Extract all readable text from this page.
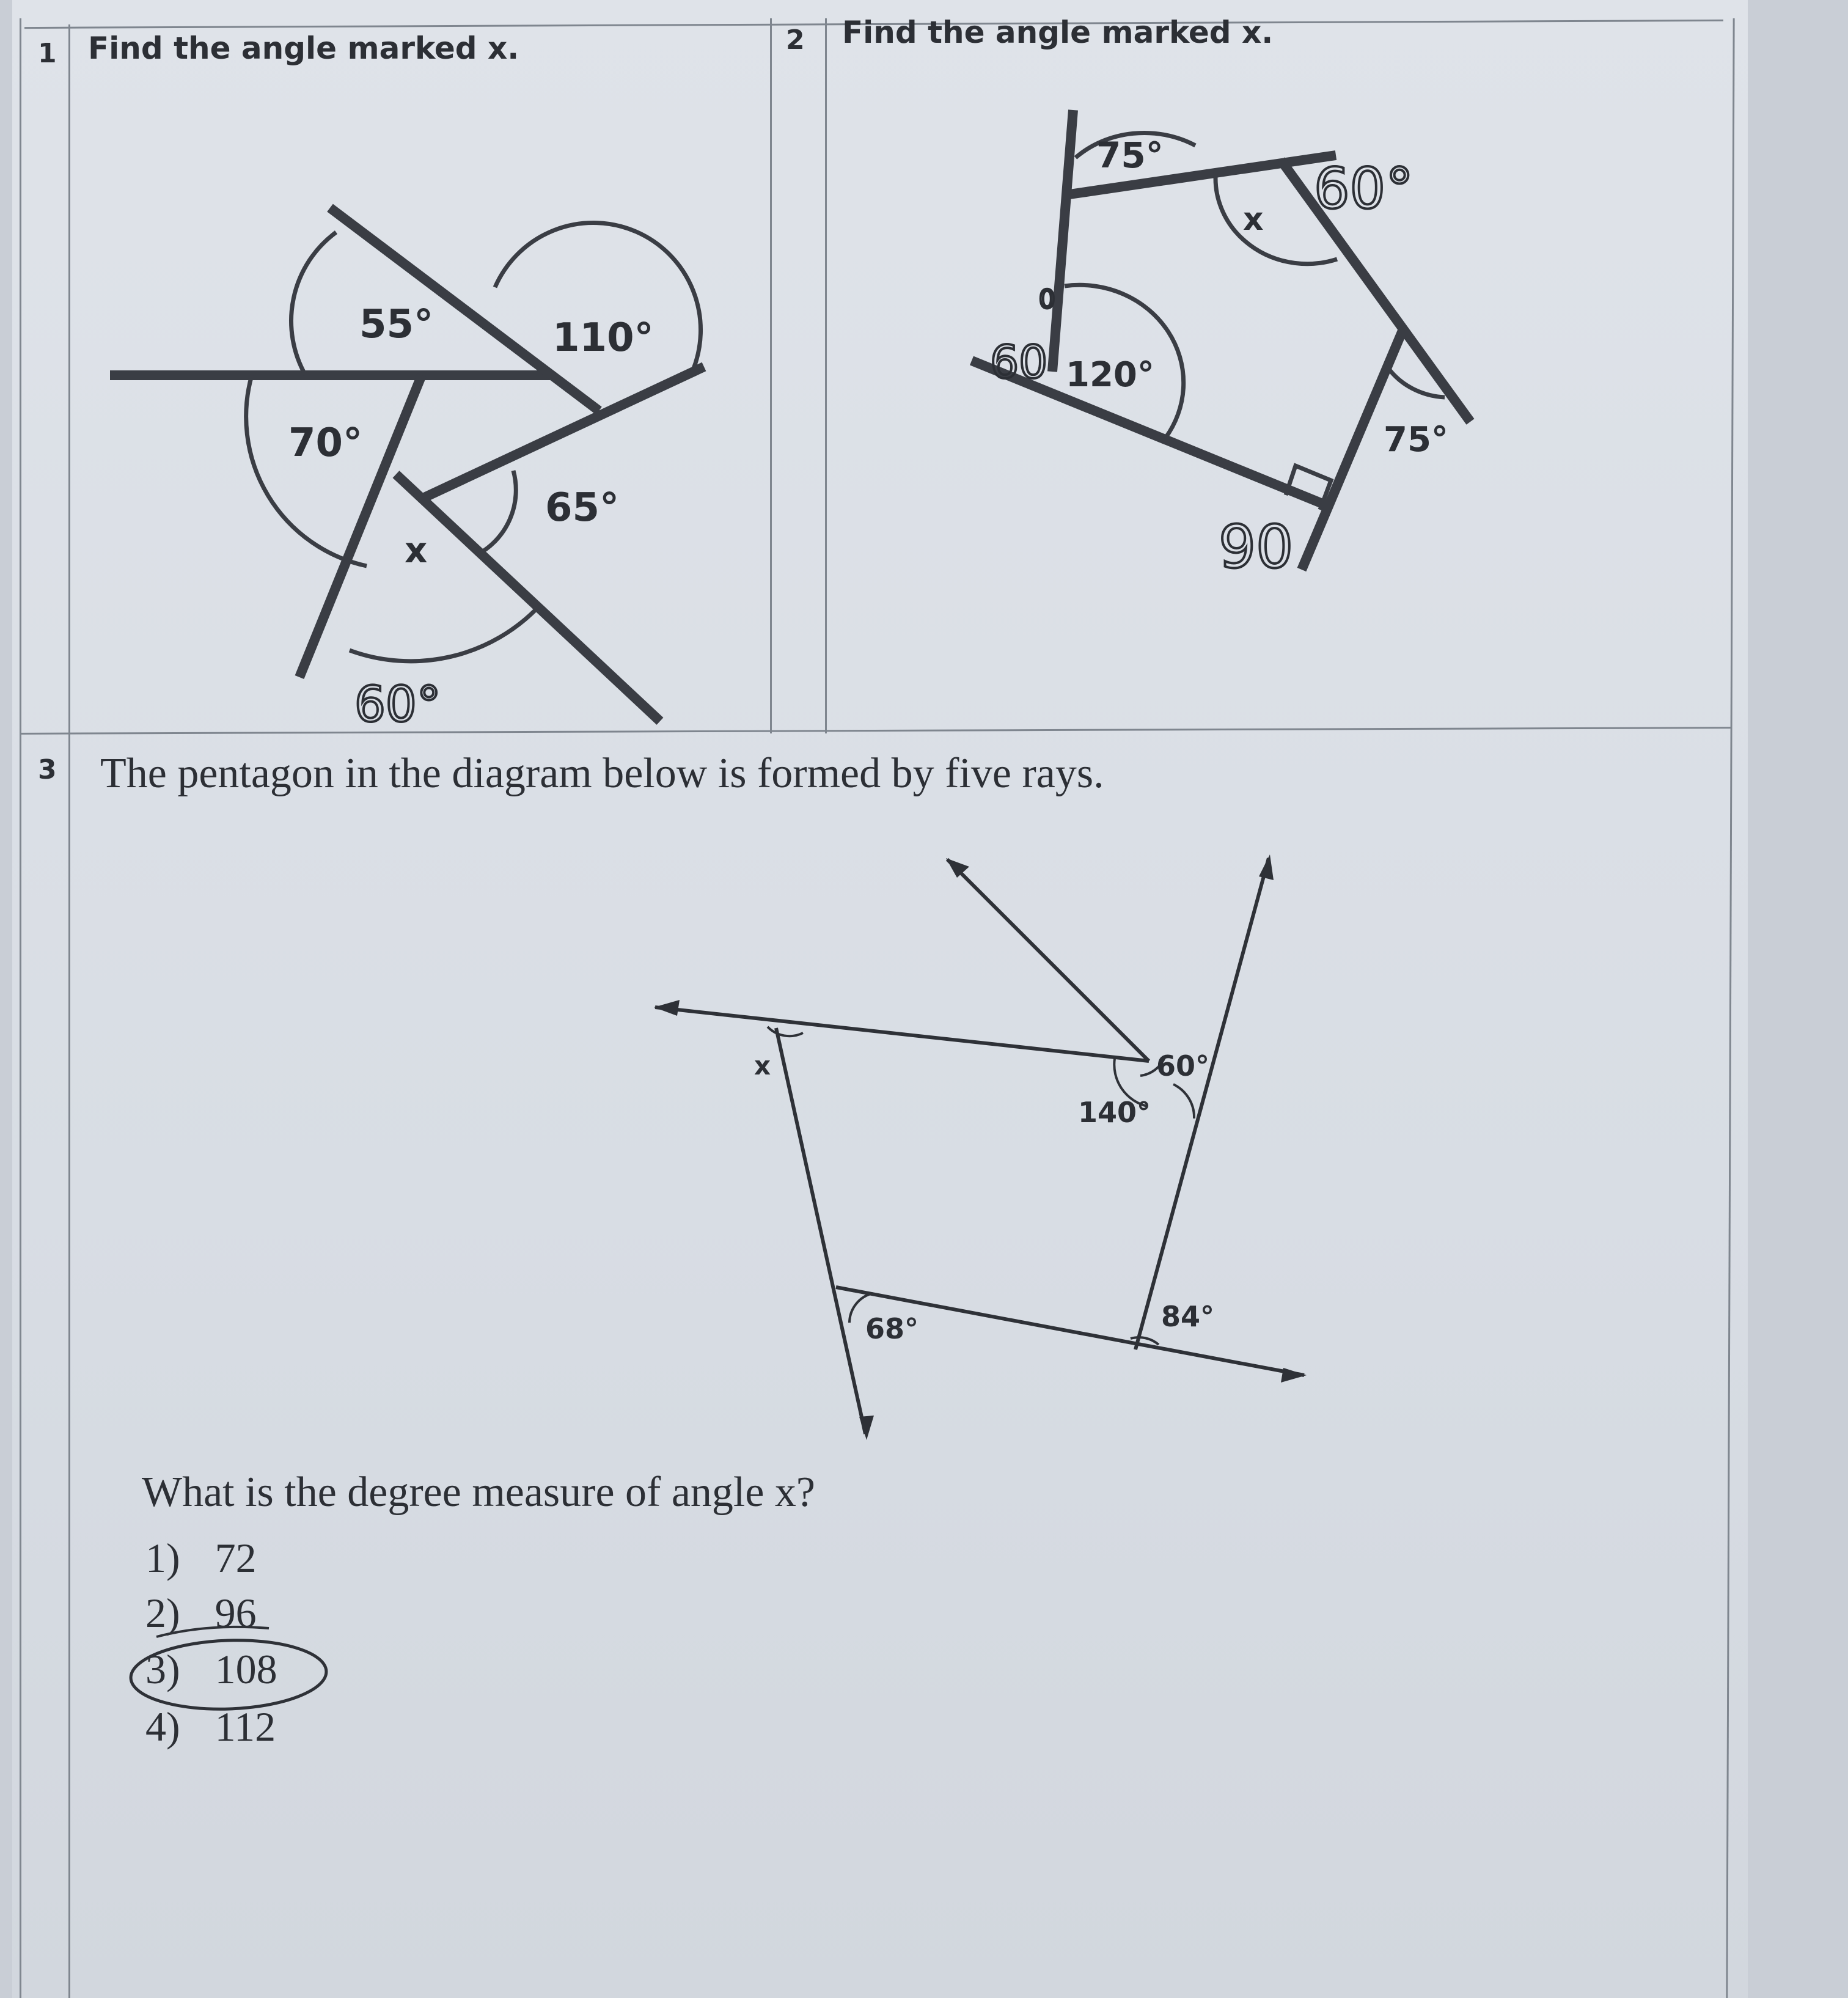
1 Find the angle marked x.	2 Find the angle marked x.
55°	110°
70°
65°
x
60°
75°
x
120°
75°
60°
60
0
90
3 The pentagon in the diagram below is formed by five rays.
x	60°
140°
68°	84°
What is the degree measure of angle x?
1) 72
2) 96
3) 108
4) 112
